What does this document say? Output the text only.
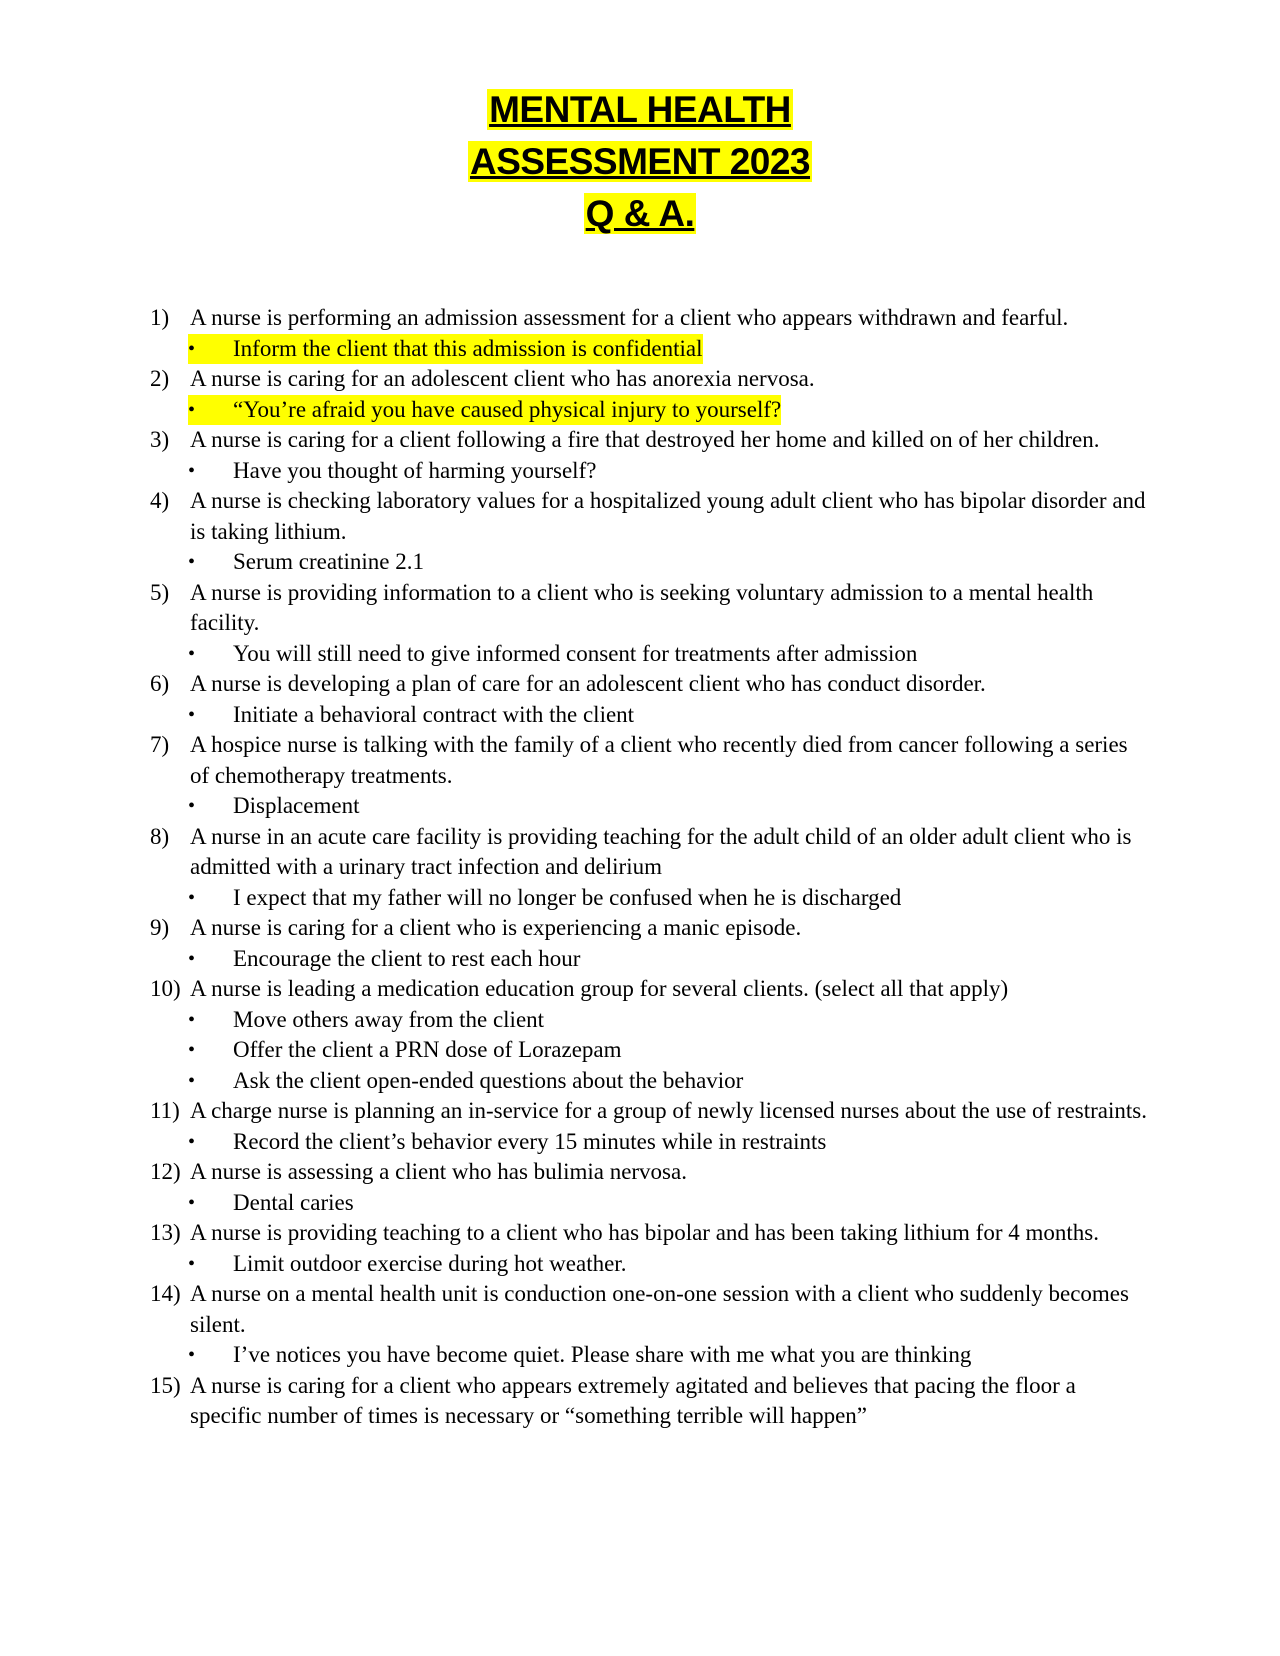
MENTAL HEALTH
ASSESSMENT 2023
Q & A.
1) A nurse is performing an admission assessment for a client who appears withdrawn and fearful.
• Inform the client that this admission is confidential
2) A nurse is caring for an adolescent client who has anorexia nervosa.
• “You’re afraid you have caused physical injury to yourself?
3) A nurse is caring for a client following a fire that destroyed her home and killed on of her children.
• Have you thought of harming yourself?
4) A nurse is checking laboratory values for a hospitalized young adult client who has bipolar disorder and is taking lithium.
• Serum creatinine 2.1
5) A nurse is providing information to a client who is seeking voluntary admission to a mental health facility.
• You will still need to give informed consent for treatments after admission
6) A nurse is developing a plan of care for an adolescent client who has conduct disorder.
• Initiate a behavioral contract with the client
7) A hospice nurse is talking with the family of a client who recently died from cancer following a series of chemotherapy treatments.
• Displacement
8) A nurse in an acute care facility is providing teaching for the adult child of an older adult client who is admitted with a urinary tract infection and delirium
• I expect that my father will no longer be confused when he is discharged
9) A nurse is caring for a client who is experiencing a manic episode.
• Encourage the client to rest each hour
10) A nurse is leading a medication education group for several clients. (select all that apply)
• Move others away from the client
• Offer the client a PRN dose of Lorazepam
• Ask the client open-ended questions about the behavior
11) A charge nurse is planning an in-service for a group of newly licensed nurses about the use of restraints.
• Record the client’s behavior every 15 minutes while in restraints
12) A nurse is assessing a client who has bulimia nervosa.
• Dental caries
13) A nurse is providing teaching to a client who has bipolar and has been taking lithium for 4 months.
• Limit outdoor exercise during hot weather.
14) A nurse on a mental health unit is conduction one-on-one session with a client who suddenly becomes silent.
• I’ve notices you have become quiet. Please share with me what you are thinking
15) A nurse is caring for a client who appears extremely agitated and believes that pacing the floor a specific number of times is necessary or “something terrible will happen”
